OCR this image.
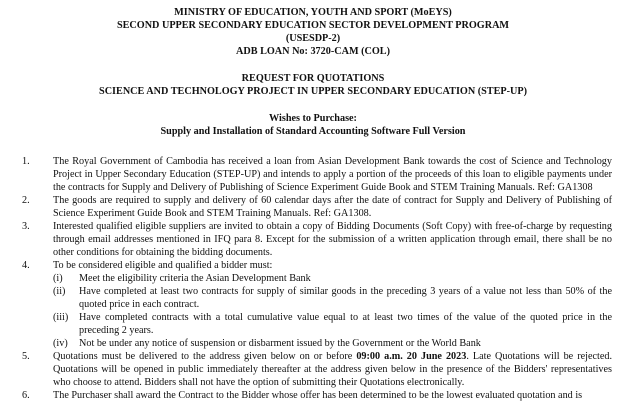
MINISTRY OF EDUCATION, YOUTH AND SPORT (MoEYS)
SECOND UPPER SECONDARY EDUCATION SECTOR DEVELOPMENT PROGRAM
(USESDP-2)
ADB LOAN No: 3720-CAM (COL)
REQUEST FOR QUOTATIONS
SCIENCE AND TECHNOLOGY PROJECT IN UPPER SECONDARY EDUCATION (STEP-UP)
Wishes to Purchase:
Supply and Installation of Standard Accounting Software Full Version
1. The Royal Government of Cambodia has received a loan from Asian Development Bank towards the cost of Science and Technology Project in Upper Secondary Education (STEP-UP) and intends to apply a portion of the proceeds of this loan to eligible payments under the contracts for Supply and Delivery of Publishing of Science Experiment Guide Book and STEM Training Manuals. Ref: GA1308
2. The goods are required to supply and delivery of 60 calendar days after the date of contract for Supply and Delivery of Publishing of Science Experiment Guide Book and STEM Training Manuals. Ref: GA1308.
3. Interested qualified eligible suppliers are invited to obtain a copy of Bidding Documents (Soft Copy) with free-of-charge by requesting through email addresses mentioned in IFQ para 8. Except for the submission of a written application through email, there shall be no other conditions for obtaining the bidding documents.
4. To be considered eligible and qualified a bidder must:
(i) Meet the eligibility criteria the Asian Development Bank
(ii) Have completed at least two contracts for supply of similar goods in the preceding 3 years of a value not less than 50% of the quoted price in each contract.
(iii) Have completed contracts with a total cumulative value equal to at least two times of the value of the quoted price in the preceding 2 years.
(iv) Not be under any notice of suspension or disbarment issued by the Government or the World Bank
5. Quotations must be delivered to the address given below on or before 09:00 a.m. 20 June 2023. Late Quotations will be rejected. Quotations will be opened in public immediately thereafter at the address given below in the presence of the Bidders' representatives who choose to attend. Bidders shall not have the option of submitting their Quotations electronically.
6. The Purchaser shall award the Contract to the Bidder whose offer has been determined to be the lowest evaluated quotation and is
